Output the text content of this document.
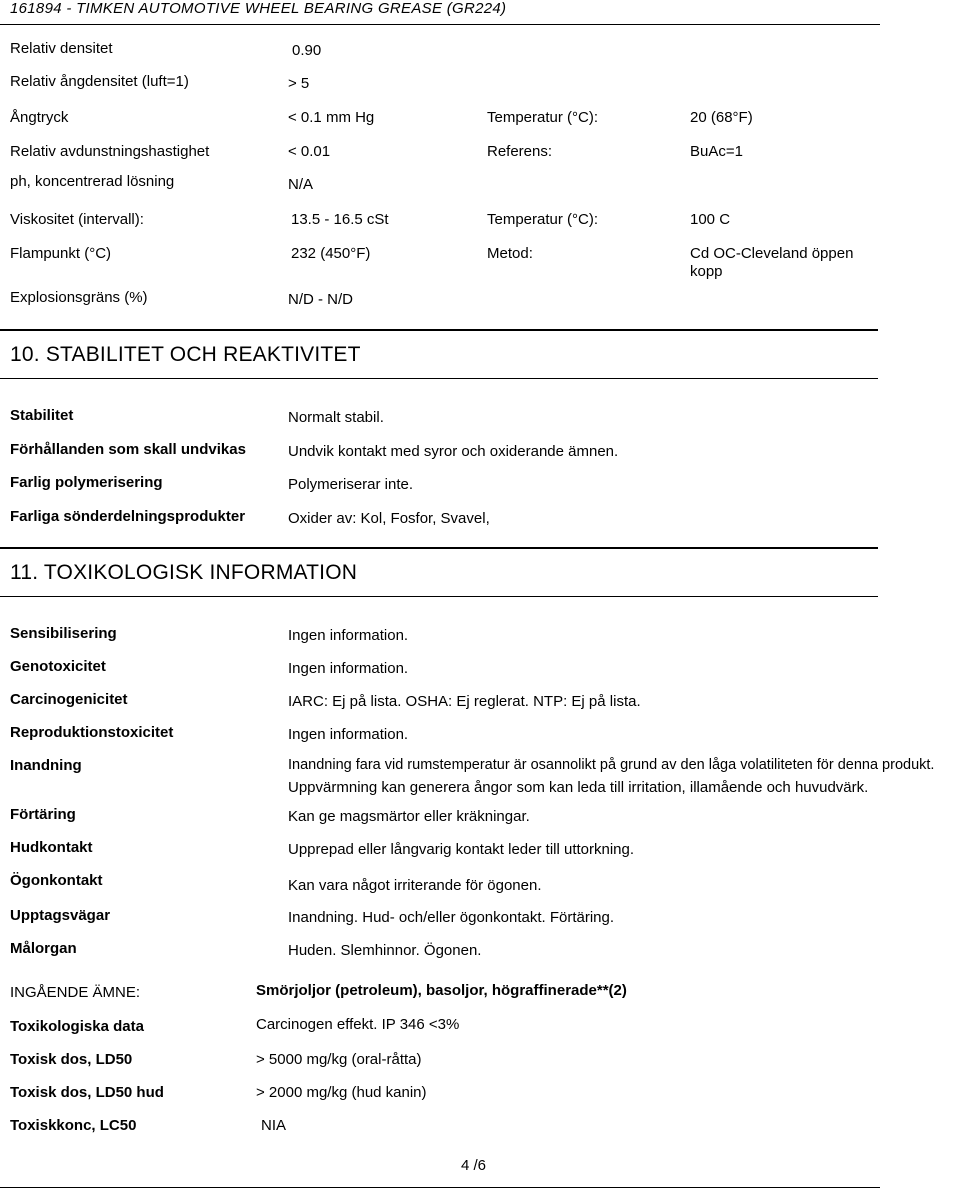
161894 - TIMKEN AUTOMOTIVE WHEEL BEARING GREASE (GR224)
Relativ densitet	0.90
Relativ ångdensitet (luft=1)	> 5
Ångtryck	< 0.1 mm Hg	Temperatur (°C):	20 (68°F)
Relativ avdunstningshastighet	< 0.01	Referens:	BuAc=1
ph, koncentrerad lösning	N/A
Viskositet (intervall):	13.5 - 16.5 cSt	Temperatur (°C):	100 C
Flampunkt (°C)	232 (450°F)	Metod:	Cd OC-Cleveland öppen
kopp
Explosionsgräns (%)	N/D - N/D
10. STABILITET OCH REAKTIVITET
Stabilitet	Normalt stabil.
Förhållanden som skall undvikas	Undvik kontakt med syror och oxiderande ämnen.
Farlig polymerisering	Polymeriserar inte.
Farliga sönderdelningsprodukter	Oxider av: Kol, Fosfor, Svavel,
11. TOXIKOLOGISK INFORMATION
Sensibilisering	Ingen information.
Genotoxicitet	Ingen information.
Carcinogenicitet	IARC: Ej på lista. OSHA: Ej reglerat. NTP: Ej på lista.
Reproduktionstoxicitet	Ingen information.
Inandning	Inandning fara vid rumstemperatur är osannolikt på grund av den låga volatiliteten för denna produkt.
Uppvärmning kan generera ångor som kan leda till irritation, illamående och huvudvärk.
Förtäring	Kan ge magsmärtor eller kräkningar.
Hudkontakt	Upprepad eller långvarig kontakt leder till uttorkning.
Ögonkontakt	Kan vara något irriterande för ögonen.
Upptagsvägar	Inandning. Hud- och/eller ögonkontakt. Förtäring.
Målorgan	Huden. Slemhinnor. Ögonen.
INGÅENDE ÄMNE:	Smörjoljor (petroleum), basoljor, högraffinerade**(2)
Toxikologiska data	Carcinogen effekt. IP 346 <3%
Toxisk dos, LD50	> 5000 mg/kg (oral-råtta)
Toxisk dos, LD50 hud	> 2000 mg/kg (hud kanin)
Toxiskkonc, LC50	NIA
4 /6
